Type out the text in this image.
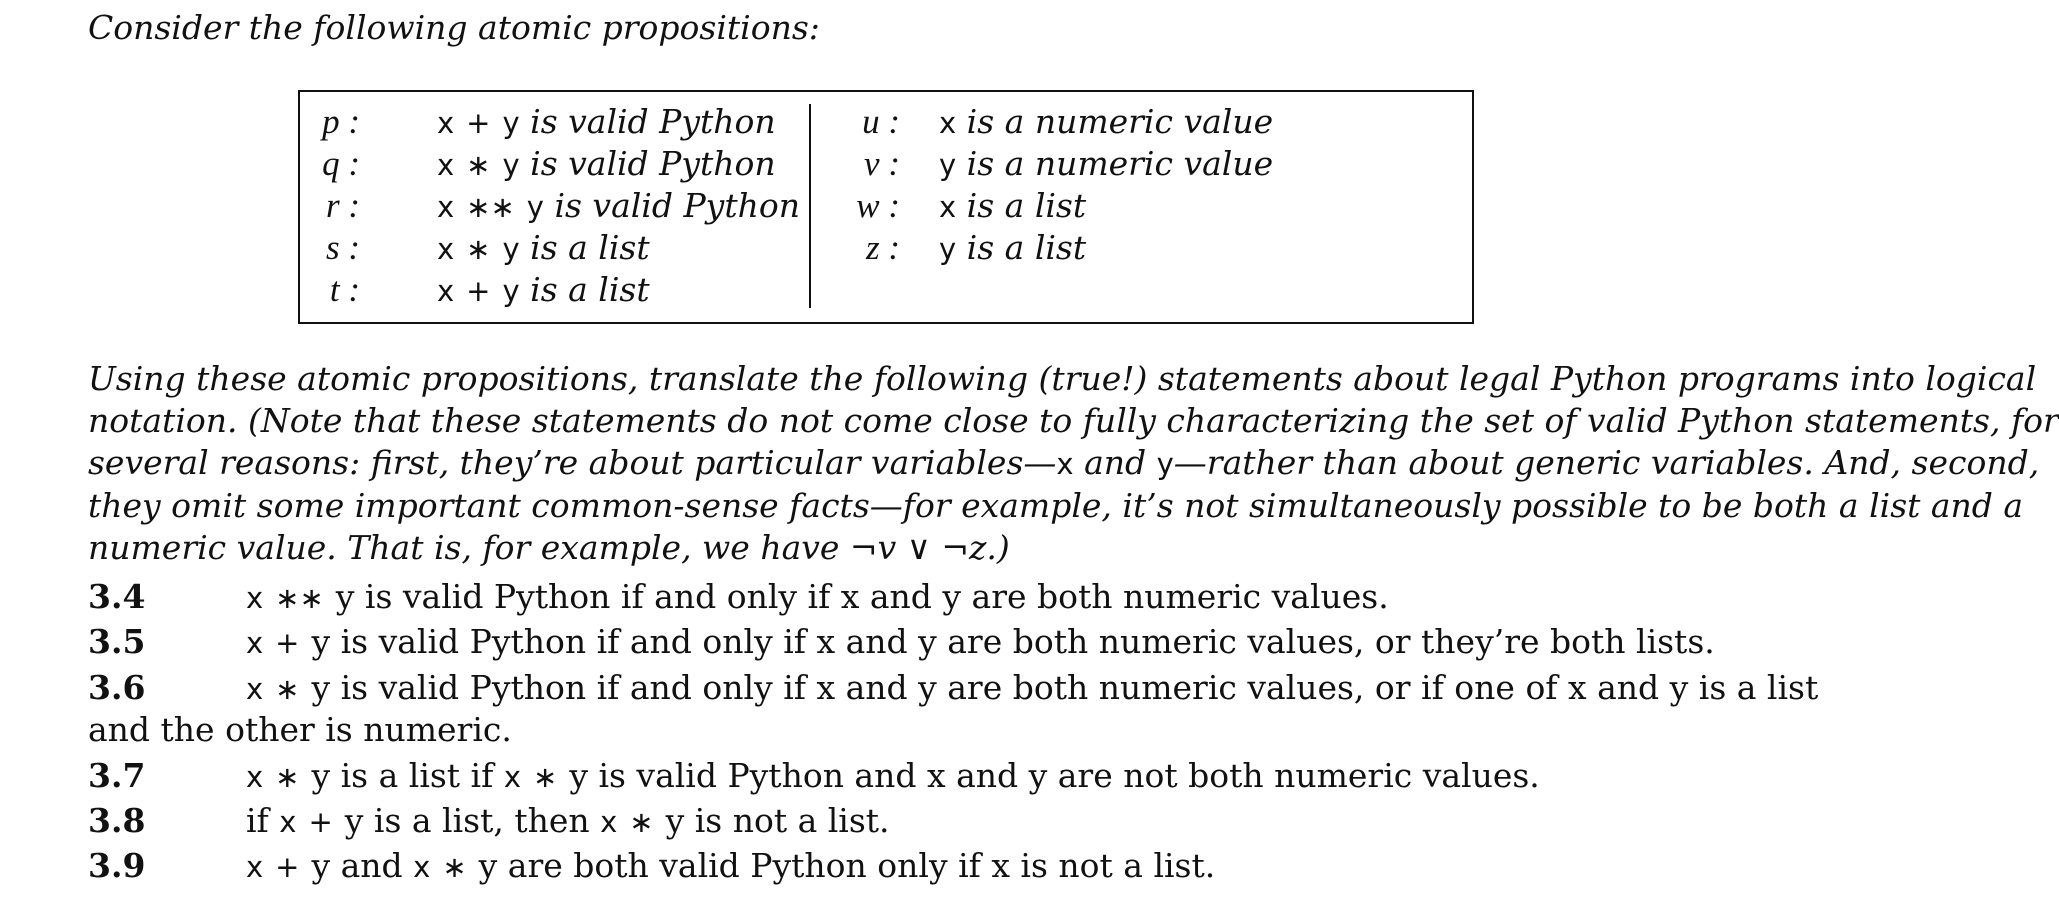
Consider the following atomic propositions:
p :	x + y is valid Python
q :	x ∗ y is valid Python
r :	x ∗∗ y is valid Python
s :	x ∗ y is a list
t :	x + y is a list
u : x is a numeric value
v : y is a numeric value
w : x is a list
z : y is a list
Using these atomic propositions, translate the following (true!) statements about legal Python programs into logical
notation. (Note that these statements do not come close to fully characterizing the set of valid Python statements, for
several reasons: first, they’re about particular variables—x and y—rather than about generic variables. And, second,
they omit some important common-sense facts—for example, it’s not simultaneously possible to be both a list and a
numeric value. That is, for example, we have ¬v ∨ ¬z.)
3.4	x ∗∗ y is valid Python if and only if x and y are both numeric values.
3.5	x + y is valid Python if and only if x and y are both numeric values, or they’re both lists.
3.6	x ∗ y is valid Python if and only if x and y are both numeric values, or if one of x and y is a list
and the other is numeric.
3.7	x ∗ y is a list if x ∗ y is valid Python and x and y are not both numeric values.
3.8	if x + y is a list, then x ∗ y is not a list.
3.9	x + y and x ∗ y are both valid Python only if x is not a list.
